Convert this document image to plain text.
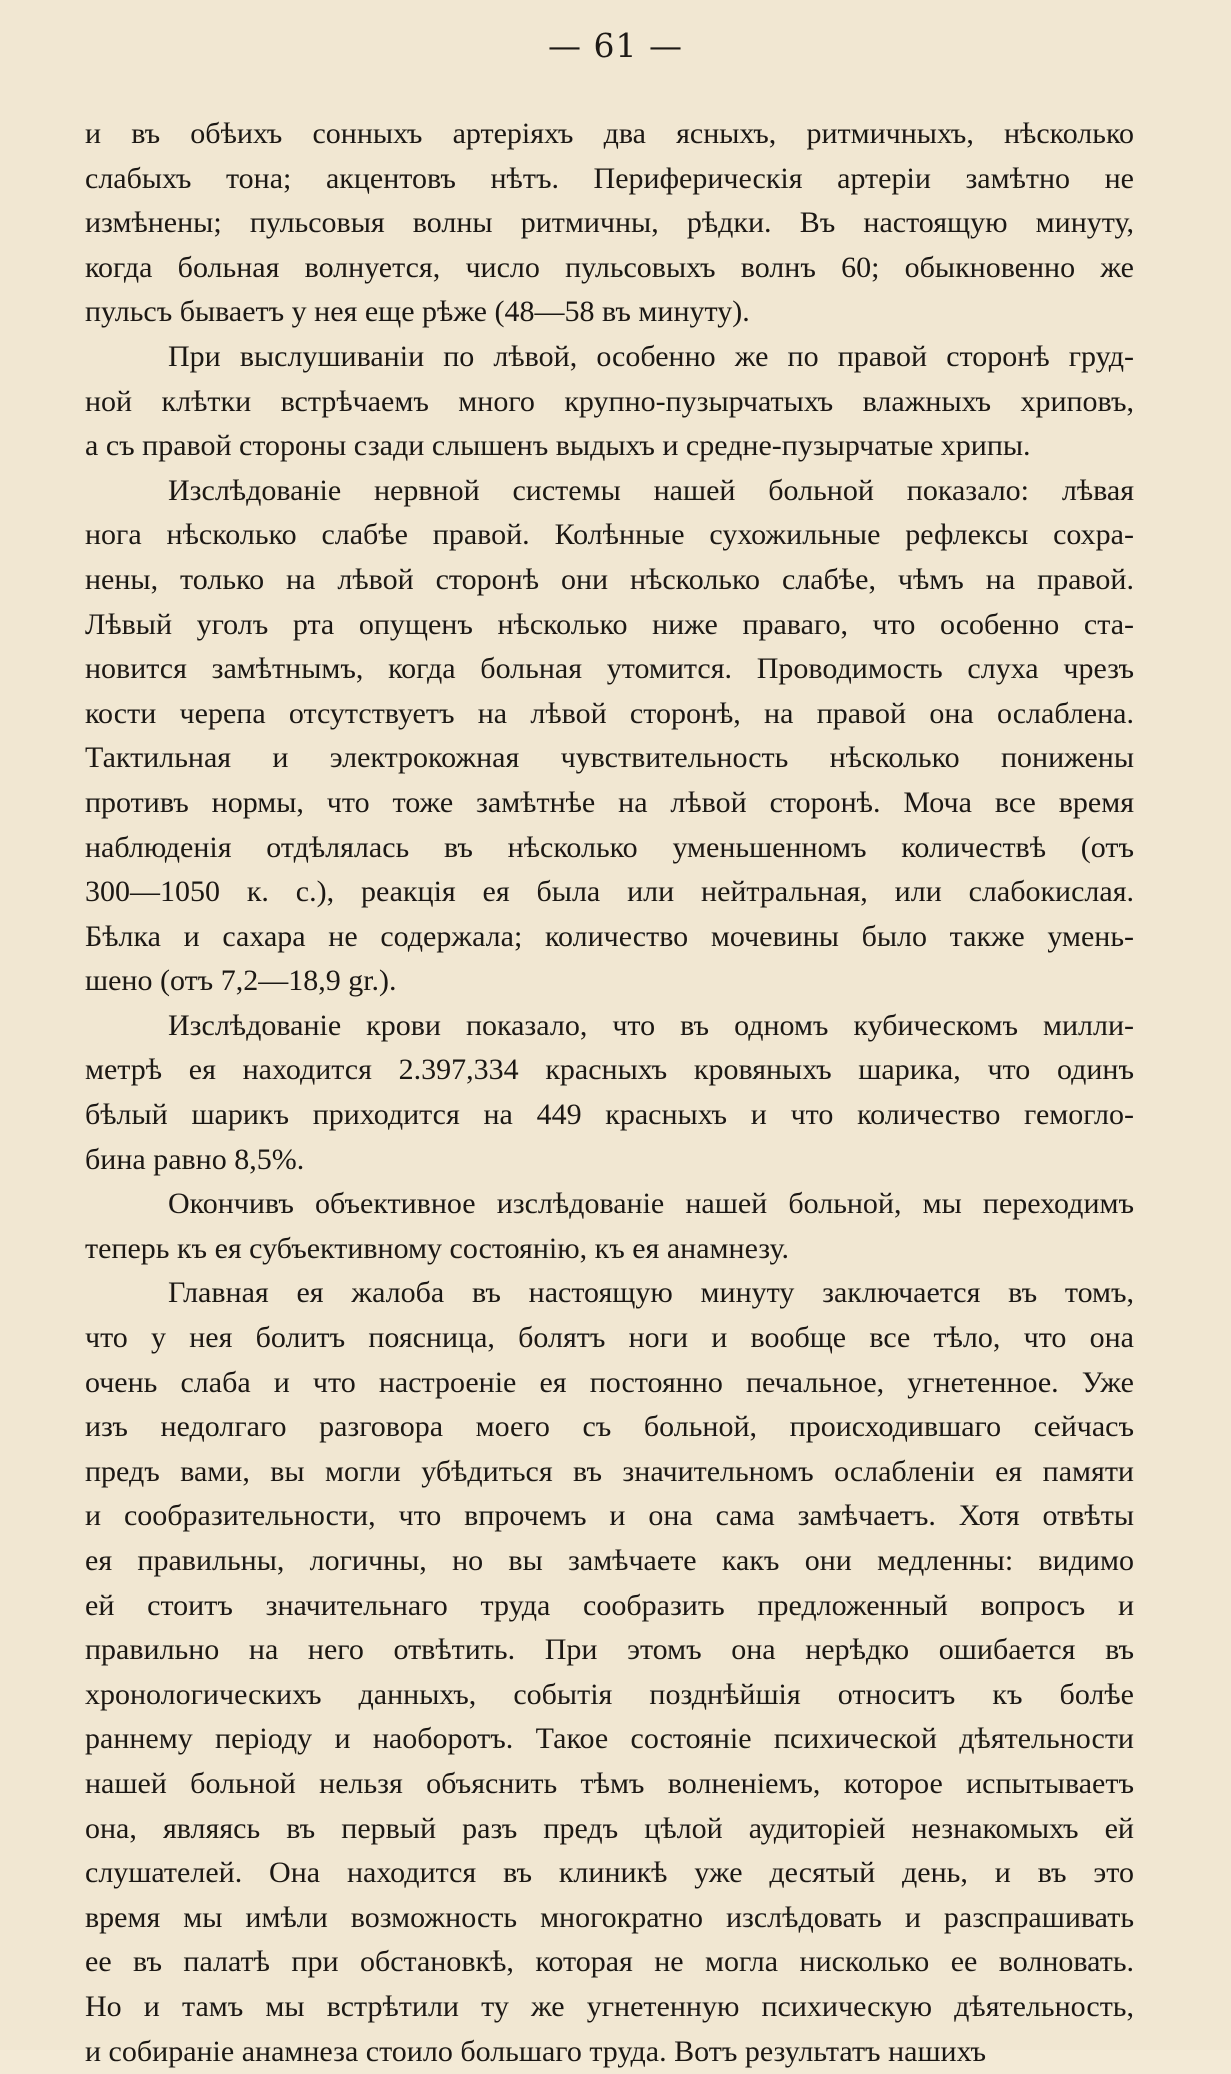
— 61 —
и въ обѣихъ сонныхъ артеріяхъ два ясныхъ, ритмичныхъ, нѣсколько
слабыхъ тона; акцентовъ нѣтъ. Периферическія артеріи замѣтно не
измѣнены; пульсовыя волны ритмичны, рѣдки. Въ настоящую минуту,
когда больная волнуется, число пульсовыхъ волнъ 60; обыкновенно же
пульсъ бываетъ у нея еще рѣже (48—58 въ минуту).
При выслушиваніи по лѣвой, особенно же по правой сторонѣ груд-
ной клѣтки встрѣчаемъ много крупно-пузырчатыхъ влажныхъ хриповъ,
а съ правой стороны сзади слышенъ выдыхъ и средне-пузырчатые хрипы.
Изслѣдованіе нервной системы нашей больной показало: лѣвая
нога нѣсколько слабѣе правой. Колѣнные сухожильные рефлексы сохра-
нены, только на лѣвой сторонѣ они нѣсколько слабѣе, чѣмъ на правой.
Лѣвый уголъ рта опущенъ нѣсколько ниже праваго, что особенно ста-
новится замѣтнымъ, когда больная утомится. Проводимость слуха чрезъ
кости черепа отсутствуетъ на лѣвой сторонѣ, на правой она ослаблена.
Тактильная и электрокожная чувствительность нѣсколько понижены
противъ нормы, что тоже замѣтнѣе на лѣвой сторонѣ. Моча все время
наблюденія отдѣлялась въ нѣсколько уменьшенномъ количествѣ (отъ
300—1050 к. с.), реакція ея была или нейтральная, или слабокислая.
Бѣлка и сахара не содержала; количество мочевины было также умень-
шено (отъ 7,2—18,9 gr.).
Изслѣдованіе крови показало, что въ одномъ кубическомъ милли-
метрѣ ея находится 2.397,334 красныхъ кровяныхъ шарика, что одинъ
бѣлый шарикъ приходится на 449 красныхъ и что количество гемогло-
бина равно 8,5%.
Окончивъ объективное изслѣдованіе нашей больной, мы переходимъ
теперь къ ея субъективному состоянію, къ ея анамнезу.
Главная ея жалоба въ настоящую минуту заключается въ томъ,
что у нея болитъ поясница, болятъ ноги и вообще все тѣло, что она
очень слаба и что настроеніе ея постоянно печальное, угнетенное. Уже
изъ недолгаго разговора моего съ больной, происходившаго сейчасъ
предъ вами, вы могли убѣдиться въ значительномъ ослабленіи ея памяти
и сообразительности, что впрочемъ и она сама замѣчаетъ. Хотя отвѣты
ея правильны, логичны, но вы замѣчаете какъ они медленны: видимо
ей стоитъ значительнаго труда сообразить предложенный вопросъ и
правильно на него отвѣтить. При этомъ она нерѣдко ошибается въ
хронологическихъ данныхъ, событія позднѣйшія относитъ къ болѣе
раннему періоду и наоборотъ. Такое состояніе психической дѣятельности
нашей больной нельзя объяснить тѣмъ волненіемъ, которое испытываетъ
она, являясь въ первый разъ предъ цѣлой аудиторіей незнакомыхъ ей
слушателей. Она находится въ клиникѣ уже десятый день, и въ это
время мы имѣли возможность многократно изслѣдовать и разспрашивать
ее въ палатѣ при обстановкѣ, которая не могла нисколько ее волновать.
Но и тамъ мы встрѣтили ту же угнетенную психическую дѣятельность,
и собираніе анамнеза стоило большаго труда. Вотъ результатъ нашихъ
